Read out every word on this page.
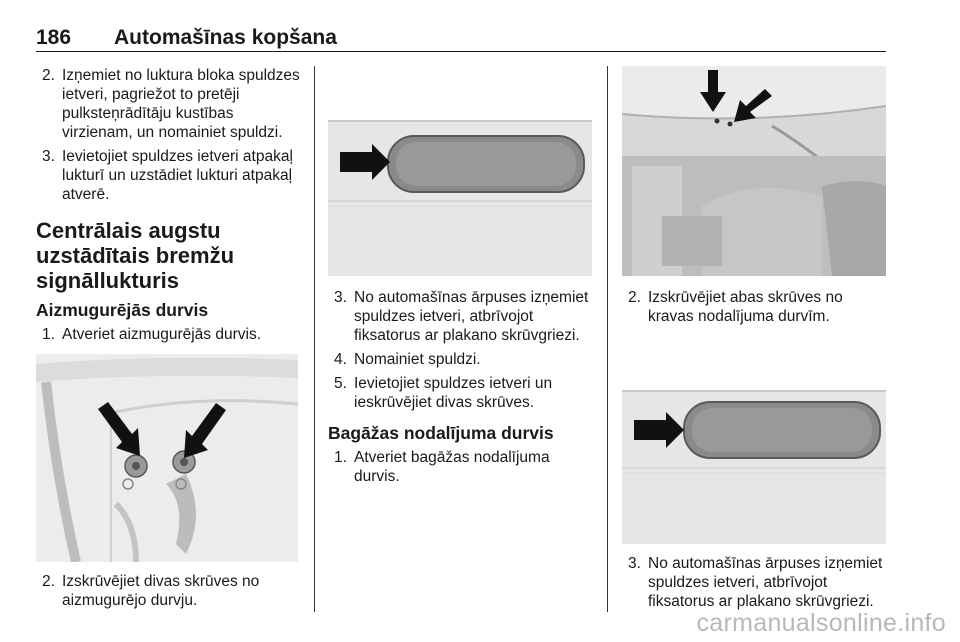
186 Automašīnas kopšana
2. Izņemiet no luktura bloka spuldzes ietveri, pagriežot to pretēji pulksteņrādītāju kustības virzienam, un nomainiet spuldzi.
3. Ievietojiet spuldzes ietveri atpakaļ lukturī un uzstādiet lukturi atpakaļ atverē.
Centrālais augstu uzstādītais bremžu signāllukturis
Aizmugurējās durvis
1. Atveriet aizmugurējās durvis.
2. Izskrūvējiet divas skrūves no aizmugurējo durvju.
3. No automašīnas ārpuses izņemiet spuldzes ietveri, atbrīvojot fiksatorus ar plakano skrūvgriezi.
4. Nomainiet spuldzi.
5. Ievietojiet spuldzes ietveri un ieskrūvējiet divas skrūves.
Bagāžas nodalījuma durvis
1. Atveriet bagāžas nodalījuma durvis.
2. Izskrūvējiet abas skrūves no kravas nodalījuma durvīm.
3. No automašīnas ārpuses izņemiet spuldzes ietveri, atbrīvojot fiksatorus ar plakano skrūvgriezi.
carmanualsonline.info
